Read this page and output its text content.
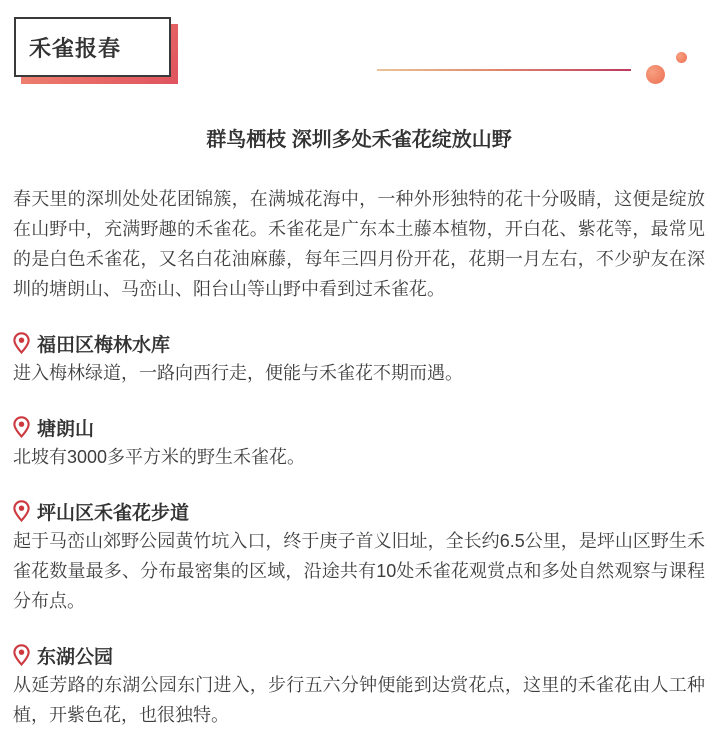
禾雀报春
群鸟栖枝 深圳多处禾雀花绽放山野

春天里的深圳处处花团锦簇，在满城花海中，一种外形独特的花十分吸睛，这便是绽放在山野中，充满野趣的禾雀花。禾雀花是广东本土藤本植物，开白花、紫花等，最常见的是白色禾雀花，又名白花油麻藤，每年三四月份开花，花期一月左右，不少驴友在深圳的塘朗山、马峦山、阳台山等山野中看到过禾雀花。

福田区梅林水库

进入梅林绿道，一路向西行走，便能与禾雀花不期而遇。

塘朗山

北坡有3000多平方米的野生禾雀花。

坪山区禾雀花步道

起于马峦山郊野公园黄竹坑入口，终于庚子首义旧址，全长约6.5公里，是坪山区野生禾雀花数量最多、分布最密集的区域，沿途共有10处禾雀花观赏点和多处自然观察与课程分布点。

东湖公园

从延芳路的东湖公园东门进入，步行五六分钟便能到达赏花点，这里的禾雀花由人工种植，开紫色花，也很独特。
